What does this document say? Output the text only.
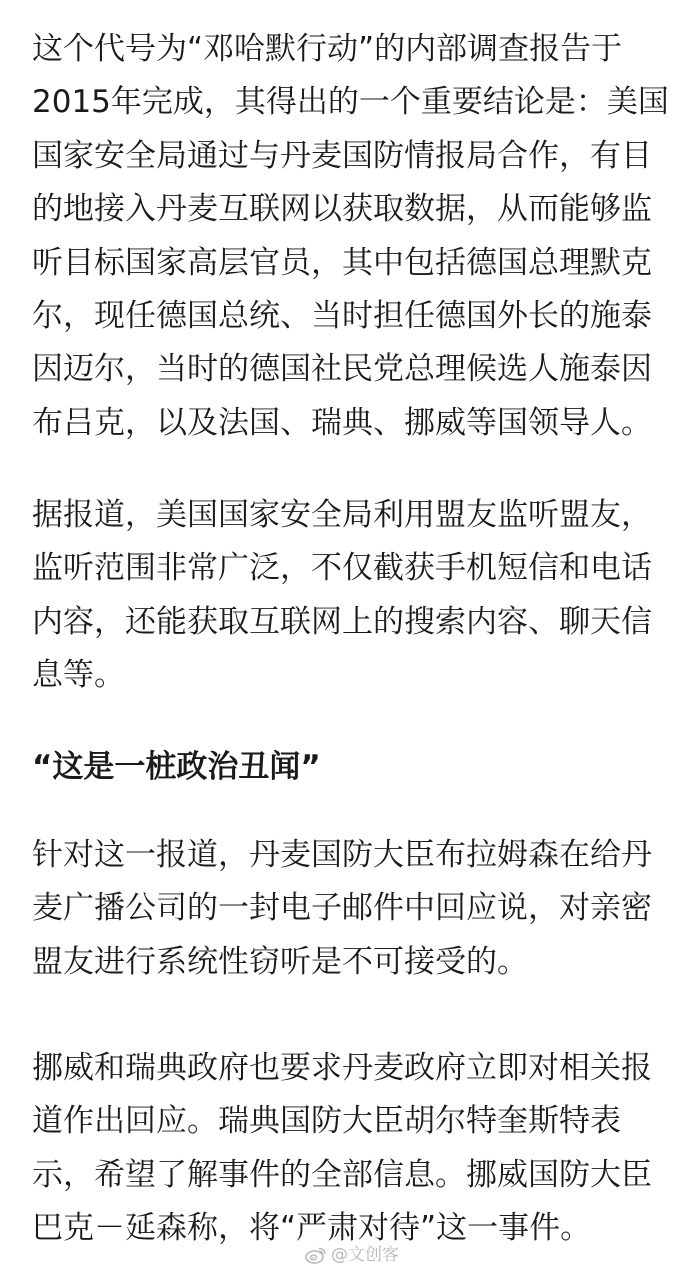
这个代号为“邓哈默行动”的内部调查报告于
2015年完成，其得出的一个重要结论是：美国
国家安全局通过与丹麦国防情报局合作，有目
的地接入丹麦互联网以获取数据，从而能够监
听目标国家高层官员，其中包括德国总理默克
尔，现任德国总统、当时担任德国外长的施泰
因迈尔，当时的德国社民党总理候选人施泰因
布吕克，以及法国、瑞典、挪威等国领导人。
据报道，美国国家安全局利用盟友监听盟友，
监听范围非常广泛，不仅截获手机短信和电话
内容，还能获取互联网上的搜索内容、聊天信
息等。
“这是一桩政治丑闻”
针对这一报道，丹麦国防大臣布拉姆森在给丹
麦广播公司的一封电子邮件中回应说，对亲密
盟友进行系统性窃听是不可接受的。
挪威和瑞典政府也要求丹麦政府立即对相关报
道作出回应。瑞典国防大臣胡尔特奎斯特表
示，希望了解事件的全部信息。挪威国防大臣
巴克－延森称，将“严肃对待”这一事件。
@文创客
